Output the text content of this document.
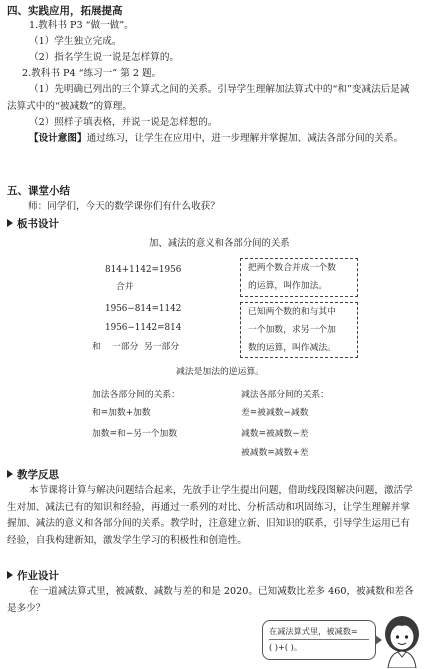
四、实践应用，拓展提高
1.教科书 P3 “做一做”。
（1）学生独立完成。
（2）指名学生说一说是怎样算的。
2.教科书 P4 “练习一” 第 2 题。
（1）先明确已列出的三个算式之间的关系。引导学生理解加法算式中的“和”变减法后是减法算式中的“被减数”的算理。
（2）照样子填表格，并说一说是怎样想的。
【设计意图】通过练习，让学生在应用中，进一步理解并掌握加、减法各部分间的关系。
五、课堂小结
师：同学们，今天的数学课你们有什么收获？
板书设计
加、减法的意义和各部分间的关系
814+1142=1956
合并
1956−814=1142
1956−1142=814
和    一部分  另一部分
把两个数合并成一个数
的运算，叫作加法。
已知两个数的和与其中
一个加数，求另一个加
数的运算，叫作减法。
减法是加法的逆运算。
加法各部分间的关系：
和=加数+加数
加数=和−另一个加数
减法各部分间的关系：
差=被减数−减数
减数=被减数−差
被减数=减数+差
教学反思
本节课将计算与解决问题结合起来，先放手让学生提出问题，借助线段图解决问题，激活学生对加、减法已有的知识和经验，再通过一系列的对比、分析活动和巩固练习，让学生理解并掌握加、减法的意义和各部分间的关系。教学时，注意建立新、旧知识的联系，引导学生运用已有经验，自我构建新知，激发学生学习的积极性和创造性。
作业设计
在一道减法算式里，被减数、减数与差的和是 2020。已知减数比差多 460，被减数和差各是多少？
在减法算式里，被减数=
( )+( )。
